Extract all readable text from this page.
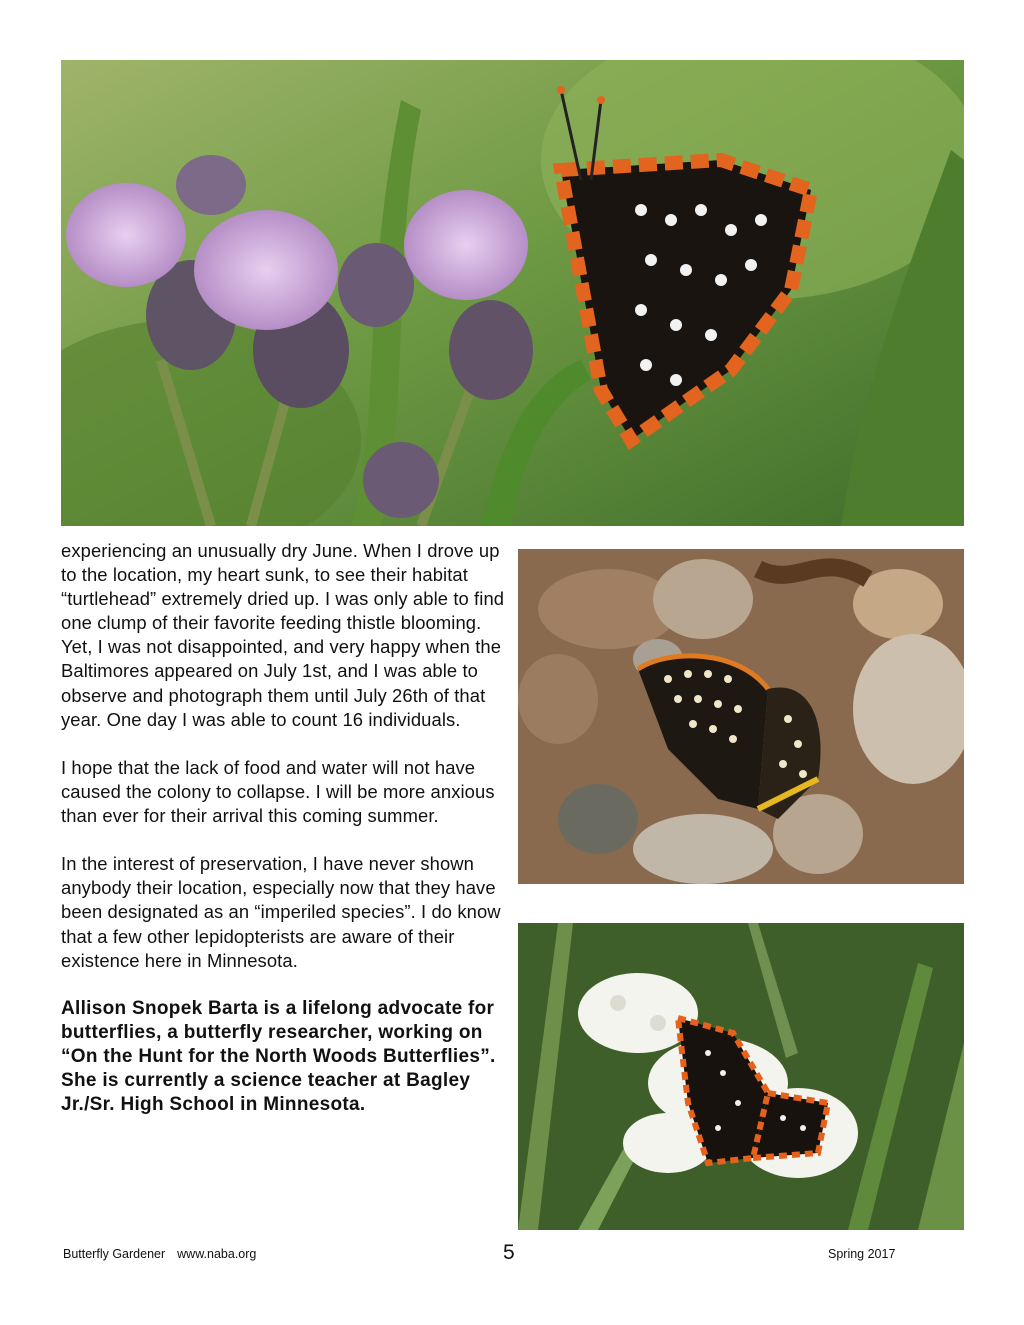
experiencing an unusually dry June. When I drove up to the location, my heart sunk, to see their habitat “turtlehead” extremely dried up. I was only able to find one clump of their favorite feeding thistle blooming. Yet, I was not disappointed, and very happy when the Baltimores appeared on July 1st, and I was able to observe and photograph them until July 26th of that year. One day I was able to count 16 individuals.

I hope that the lack of food and water will not have caused the colony to collapse. I will be more anxious than ever for their arrival this coming summer.

In the interest of preservation, I have never shown anybody their location, especially now that they have been designated as an “imperiled species”. I do know that a few other lepidopterists are aware of their existence here in Minnesota.

Allison Snopek Barta is a lifelong advocate for butterflies, a butterfly researcher, working on “On the Hunt for the North Woods Butterflies”. She is currently a science teacher at Bagley Jr./Sr. High School in Minnesota.

Butterfly Gardener www.naba.org	5	Spring 2017
